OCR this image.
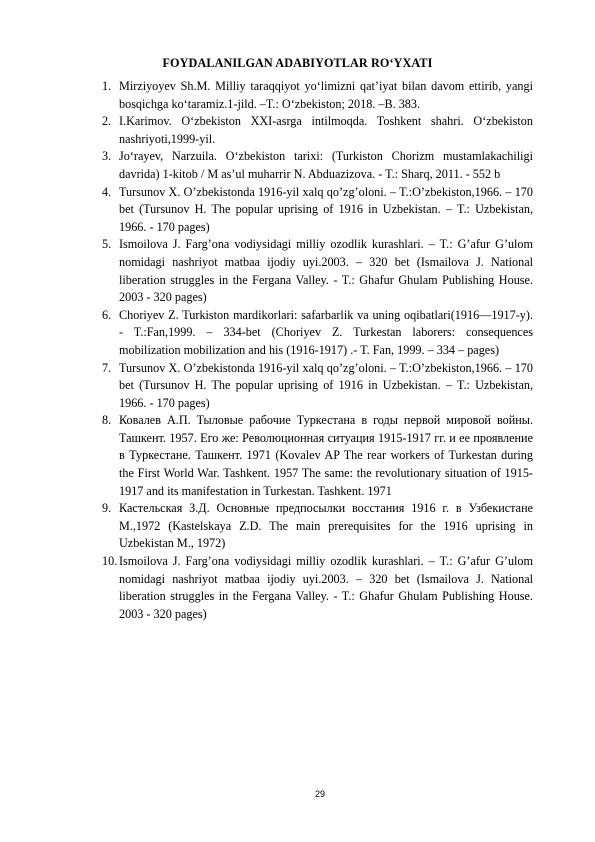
FOYDALANILGAN ADABIYOTLAR RO‘YXATI
1. Mirziyoyev Sh.M. Milliy taraqqiyot yo‘limizni qat’iyat bilan davom ettirib, yangi bosqichga ko‘taramiz.1-jild. –T.: O‘zbekiston; 2018. –B. 383.
2. I.Karimov. O‘zbekiston XXI-asrga intilmoqda. Toshkent shahri. O‘zbekiston nashriyoti,1999-yil.
3. Jo‘rayev, Narzuila. O‘zbekiston tarixi: (Turkiston Chorizm mustamlakachiligi davrida) 1-kitob / M as’ul muharrir N. Abduazizova. - T.: Sharq, 2011. - 552 b
4. Tursunov X. O’zbekistonda 1916-yil xalq qo’zg’oloni. – T.:O’zbekiston,1966. – 170 bet (Tursunov H. The popular uprising of 1916 in Uzbekistan. – T.: Uzbekistan, 1966. - 170 pages)
5. Ismoilova J. Farg’ona vodiysidagi milliy ozodlik kurashlari. – T.: G’afur G’ulom nomidagi nashriyot matbaa ijodiy uyi.2003. – 320 bet (Ismailova J. National liberation struggles in the Fergana Valley. - T.: Ghafur Ghulam Publishing House. 2003 - 320 pages)
6. Choriyev Z. Turkiston mardikorlari: safarbarlik va uning oqibatlari(1916—1917-y). - T.:Fan,1999. – 334-bet (Choriyev Z. Turkestan laborers: consequences mobilization mobilization and his (1916-1917) .- T. Fan, 1999. – 334 – pages)
7. Tursunov X. O’zbekistonda 1916-yil xalq qo’zg’oloni. – T.:O’zbekiston,1966. – 170 bet (Tursunov H. The popular uprising of 1916 in Uzbekistan. – T.: Uzbekistan, 1966. - 170 pages)
8. Ковалев А.П. Тыловые рабочие Туркестана в годы первой мировой войны. Ташкент. 1957. Его же: Революционная ситуация 1915-1917 гг. и ее проявление в Туркестане. Ташкент. 1971 (Kovalev AP The rear workers of Turkestan during the First World War. Tashkent. 1957 The same: the revolutionary situation of 1915-1917 and its manifestation in Turkestan. Tashkent. 1971
9. Кастельская З.Д. Основные предпосылки восстания 1916 г. в Узбекистане М.,1972 (Kastelskaya Z.D. The main prerequisites for the 1916 uprising in Uzbekistan M., 1972)
10. Ismoilova J. Farg’ona vodiysidagi milliy ozodlik kurashlari. – T.: G’afur G’ulom nomidagi nashriyot matbaa ijodiy uyi.2003. – 320 bet (Ismailova J. National liberation struggles in the Fergana Valley. - T.: Ghafur Ghulam Publishing House. 2003 - 320 pages)
29
